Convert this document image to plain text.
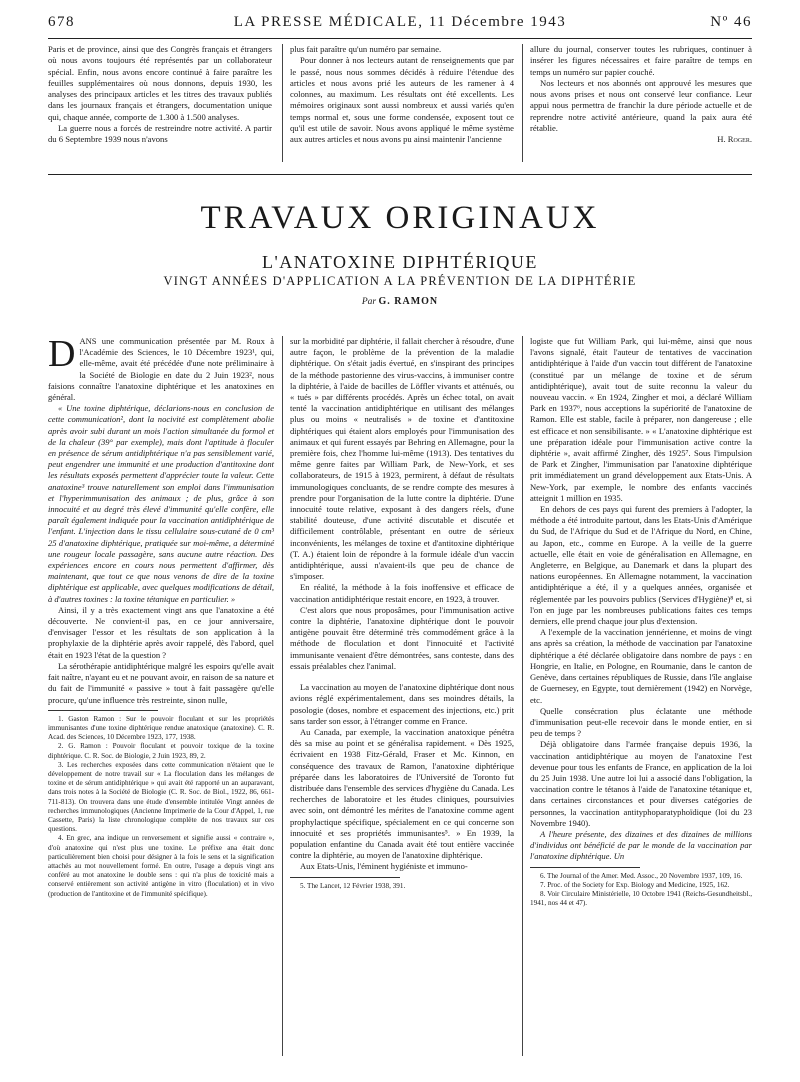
678	LA PRESSE MÉDICALE, 11 Décembre 1943	Nº 46

Paris et de province, ainsi que des Congrès français et étrangers où nous avons toujours été représentés par un collaborateur spécial. Enfin, nous avons encore continué à faire paraître les feuilles supplémentaires où nous donnons, depuis 1930, les analyses des principaux articles et les titres des travaux publiés dans les journaux français et étrangers, documentation unique qui, chaque année, comporte de 1.300 à 1.500 analyses.

La guerre nous a forcés de restreindre notre activité. A partir du 6 Septembre 1939 nous n'avons

plus fait paraître qu'un numéro par semaine.

Pour donner à nos lecteurs autant de renseignements que par le passé, nous nous sommes décidés à réduire l'étendue des articles et nous avons prié les auteurs de les ramener à 4 colonnes, au maximum. Les résultats ont été excellents. Les mémoires originaux sont aussi nombreux et aussi variés qu'en temps normal et, sous une forme condensée, exposent tout ce qu'il est utile de savoir. Nous avons appliqué le même système aux autres articles et nous avons pu ainsi maintenir l'ancienne

allure du journal, conserver toutes les rubriques, continuer à insérer les figures nécessaires et faire paraître de temps en temps un numéro sur papier couché.

Nos lecteurs et nos abonnés ont approuvé les mesures que nous avons prises et nous ont conservé leur confiance. Leur appui nous permettra de franchir la dure période actuelle et de reprendre notre activité antérieure, quand la paix aura été rétablie.

H. Roger.

TRAVAUX ORIGINAUX
L'ANATOXINE DIPHTÉRIQUE
VINGT ANNÉES D'APPLICATION A LA PRÉVENTION DE LA DIPHTÉRIE
Par G. RAMON

DANS une communication présentée par M. Roux à l'Académie des Sciences, le 10 Décembre 1923¹, qui, elle-même, avait été précédée d'une note préliminaire à la Société de Biologie en date du 2 Juin 1923², nous faisions connaître l'anatoxine diphtérique et les anatoxines en général.

« Une toxine diphtérique, déclarions-nous en conclusion de cette communication², dont la nocivité est complètement abolie après avoir subi durant un mois l'action simultanée du formol et de la chaleur (39° par exemple), mais dont l'aptitude à floculer en présence de sérum antidiphtérique n'a pas sensiblement varié, peut engendrer une immunité et une production d'antitoxine dont les résultats exposés permettent d'apprécier toute la valeur. Cette anatoxine³ trouve naturellement son emploi dans l'immunisation et l'hyperimmunisation des animaux ; de plus, grâce à son innocuité et au degré très élevé d'immunité qu'elle confère, elle paraît également indiquée pour la vaccination antidiphtérique de l'enfant. L'injection dans le tissu cellulaire sous-cutané de 0 cm³ 25 d'anatoxine diphtérique, pratiquée sur moi-même, a déterminé une rougeur locale passagère, sans aucune autre réaction. Des expériences encore en cours nous permettent d'affirmer, dès maintenant, que tout ce que nous venons de dire de la toxine diphtérique est applicable, avec quelques modifications de détail, à d'autres toxines : la toxine tétanique en particulier. »

Ainsi, il y a très exactement vingt ans que l'anatoxine a été découverte. Ne convient-il pas, en ce jour anniversaire, d'envisager l'essor et les résultats de son application à la prophylaxie de la diphtérie après avoir rappelé, dès l'abord, quel était en 1923 l'état de la question ?

La sérothérapie antidiphtérique malgré les espoirs qu'elle avait fait naître, n'ayant eu et ne pouvant avoir, en raison de sa nature et du fait de l'immunité « passive » tout à fait passagère qu'elle procure, qu'une influence très restreinte, sinon nulle,

1. Gaston Ramon : Sur le pouvoir floculant et sur les propriétés immunisantes d'une toxine diphtérique rendue anatoxique (anatoxine). C. R. Acad. des Sciences, 10 Décembre 1923, 177, 1938.

2. G. Ramon : Pouvoir floculant et pouvoir toxique de la toxine diphtérique. C. R. Soc. de Biologie, 2 Juin 1923, 89, 2.

3. Les recherches exposées dans cette communication n'étaient que le développement de notre travail sur « La floculation dans les mélanges de toxine et de sérum antidiphtérique » qui avait été rapporté un an auparavant, dans trois notes à la Société de Biologie (C. R. Soc. de Biol., 1922, 86, 661-711-813). On trouvera dans une étude d'ensemble intitulée Vingt années de recherches immunologiques (Ancienne Imprimerie de la Cour d'Appel, 1, rue Cassette, Paris) la liste chronologique complète de nos travaux sur ces questions.

4. En grec, ana indique un renversement et signifie aussi « contraire », d'où anatoxine qui n'est plus une toxine. Le préfixe ana était donc particulièrement bien choisi pour désigner à la fois le sens et la signification attachés au mot nouvellement formé. En outre, l'usage a depuis vingt ans conféré au mot anatoxine le double sens : qui n'a plus de toxicité mais a conservé entièrement son activité antigène in vitro (floculation) et in vivo (production de l'antitoxine et de l'immunité spécifique).

sur la morbidité par diphtérie, il fallait chercher à résoudre, d'une autre façon, le problème de la prévention de la maladie diphtérique. On s'était jadis évertué, en s'inspirant des principes de la méthode pastorienne des virus-vaccins, à immuniser contre la diphtérie, à l'aide de bacilles de Löffler vivants et atténués, ou « tués » par différents procédés. Après un échec total, on avait tenté la vaccination antidiphtérique en utilisant des mélanges plus ou moins « neutralisés » de toxine et d'antitoxine diphtériques qui étaient alors employés pour l'immunisation des animaux et qui furent essayés par Behring en Allemagne, pour la première fois, chez l'homme lui-même (1913). Des tentatives du même genre faites par William Park, de New-York, et ses collaborateurs, de 1915 à 1923, permirent, à défaut de résultats immunologiques concluants, de se rendre compte des mesures à prendre pour l'organisation de la lutte contre la diphtérie. D'une innocuité toute relative, exposant à des dangers réels, d'une stabilité douteuse, d'une activité discutable et discutée et difficilement contrôlable, présentant en outre de sérieux inconvénients, les mélanges de toxine et d'antitoxine diphtérique (T. A.) étaient loin de répondre à la formule idéale d'un vaccin antidiphtérique, aussi n'avaient-ils que peu de chance de s'imposer.

En réalité, la méthode à la fois inoffensive et efficace de vaccination antidiphtérique restait encore, en 1923, à trouver.

C'est alors que nous proposâmes, pour l'immunisation active contre la diphtérie, l'anatoxine diphtérique dont le pouvoir antigène pouvait être déterminé très commodément grâce à la méthode de floculation et dont l'innocuité et l'activité immunisante venaient d'être démontrées, sans conteste, dans des essais préalables chez l'animal.

La vaccination au moyen de l'anatoxine diphtérique dont nous avions réglé expérimentalement, dans ses moindres détails, la posologie (doses, nombre et espacement des injections, etc.) prit sans tarder son essor, à l'étranger comme en France.

Au Canada, par exemple, la vaccination anatoxique pénétra dès sa mise au point et se généralisa rapidement. « Dès 1925, écrivaient en 1938 Fitz-Gérald, Fraser et Mc. Kinnon, en conséquence des travaux de Ramon, l'anatoxine diphtérique préparée dans les laboratoires de l'Université de Toronto fut distribuée dans l'ensemble des services d'hygiène du Canada. Les recherches de laboratoire et les études cliniques, poursuivies avec soin, ont démontré les mérites de l'anatoxine comme agent prophylactique spécifique, spécialement en ce qui concerne son innocuité et ses propriétés immunisantes⁵. » En 1939, la population enfantine du Canada avait été tout entière vaccinée contre la diphtérie, au moyen de l'anatoxine diphtérique.

Aux Etats-Unis, l'éminent hygiéniste et immuno-

5. The Lancet, 12 Février 1938, 391.

logiste que fut William Park, qui lui-même, ainsi que nous l'avons signalé, était l'auteur de tentatives de vaccination antidiphtérique à l'aide d'un vaccin tout différent de l'anatoxine (constitué par un mélange de toxine et de sérum antidiphtérique), avait tout de suite reconnu la valeur du nouveau vaccin. « En 1924, Zingher et moi, a déclaré William Park en 1937⁶, nous acceptions la supériorité de l'anatoxine de Ramon. Elle est stable, facile à préparer, non dangereuse ; elle est efficace et non sensibilisante. » « L'anatoxine diphtérique est une préparation idéale pour l'immunisation active contre la diphtérie », avait affirmé Zingher, dès 1925⁷. Sous l'impulsion de Park et Zingher, l'immunisation par l'anatoxine diphtérique prit immédiatement un grand développement aux Etats-Unis. A New-York, par exemple, le nombre des enfants vaccinés atteignit 1 million en 1935.

En dehors de ces pays qui furent des premiers à l'adopter, la méthode a été introduite partout, dans les Etats-Unis d'Amérique du Sud, de l'Afrique du Sud et de l'Afrique du Nord, en Chine, au Japon, etc., comme en Europe. A la veille de la guerre actuelle, elle était en voie de généralisation en Allemagne, en Angleterre, en Belgique, au Danemark et dans la plupart des nations européennes. En Allemagne notamment, la vaccination antidiphtérique a été, il y a quelques années, organisée et réglementée par les pouvoirs publics (Services d'Hygiène)⁸ et, si l'on en juge par les nombreuses publications faites ces temps derniers, elle prend chaque jour plus d'extension.

A l'exemple de la vaccination jennérienne, et moins de vingt ans après sa création, la méthode de vaccination par l'anatoxine diphtérique a été déclarée obligatoire dans nombre de pays : en Hongrie, en Italie, en Pologne, en Roumanie, dans le canton de Genève, dans certaines républiques de Russie, dans l'île anglaise de Guernesey, en Egypte, tout dernièrement (1942) en Norvège, etc.

Quelle consécration plus éclatante une méthode d'immunisation peut-elle recevoir dans le monde entier, en si peu de temps ?

Déjà obligatoire dans l'armée française depuis 1936, la vaccination antidiphtérique au moyen de l'anatoxine l'est devenue pour tous les enfants de France, en application de la loi du 25 Juin 1938. Une autre loi lui a associé dans l'obligation, la vaccination contre le tétanos à l'aide de l'anatoxine tétanique et, dans certaines circonstances et pour diverses catégories de personnes, la vaccination antityphoparatyphoïdique (loi du 23 Novembre 1940).

A l'heure présente, des dizaines et des dizaines de millions d'individus ont bénéficié de par le monde de la vaccination par l'anatoxine diphtérique. Un

6. The Journal of the Amer. Med. Assoc., 20 Novembre 1937, 109, 16.

7. Proc. of the Society for Exp. Biology and Medicine, 1925, 162.

8. Voir Circulaire Ministérielle, 10 Octobre 1941 (Reichs-Gesundheitsbl., 1941, nos 44 et 47).
